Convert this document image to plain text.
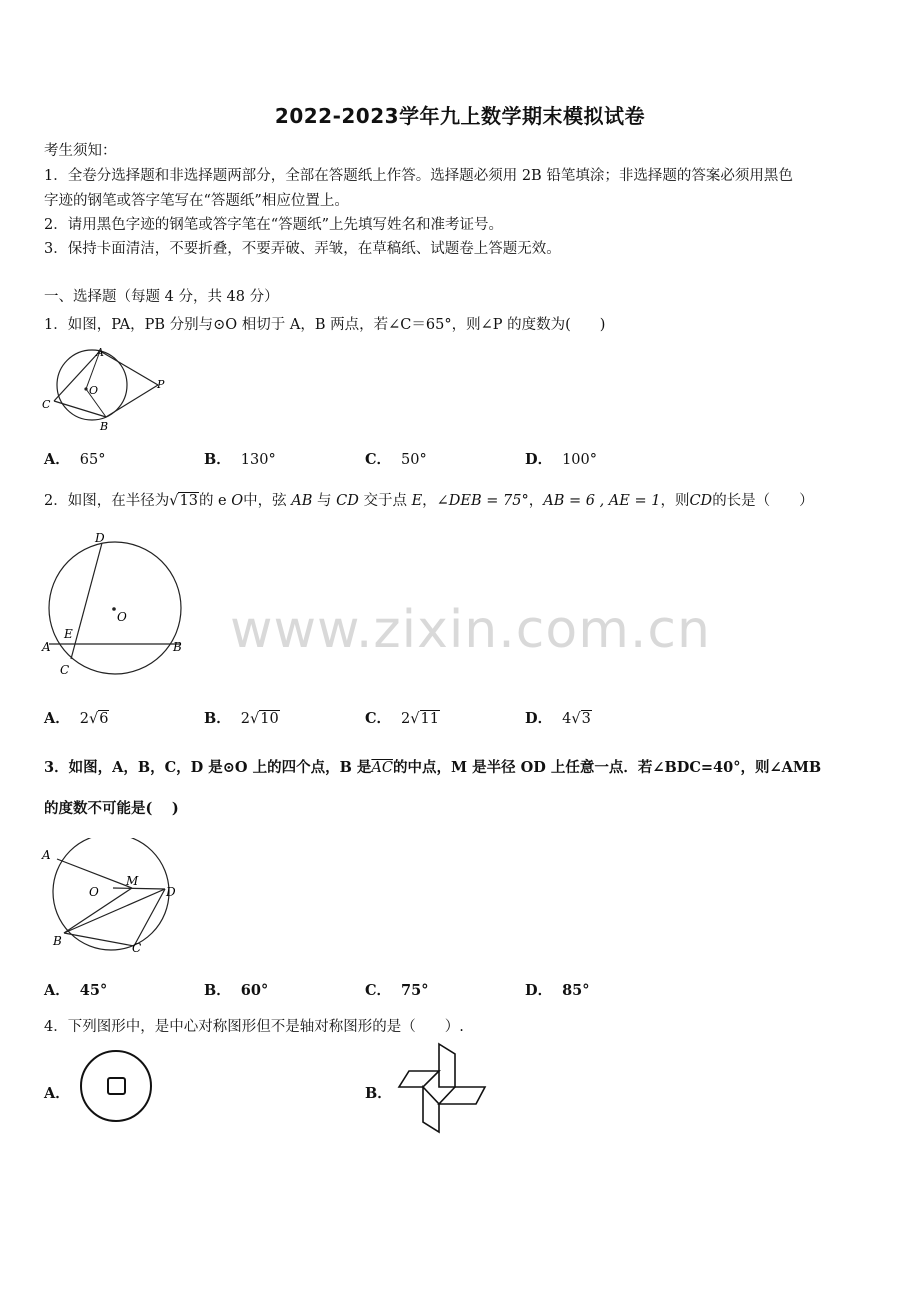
2022-2023学年九上数学期末模拟试卷
考生须知：
1．全卷分选择题和非选择题两部分，全部在答题纸上作答。选择题必须用 2B 铅笔填涂；非选择题的答案必须用黑色
字迹的钢笔或答字笔写在“答题纸”相应位置上。
2．请用黑色字迹的钢笔或答字笔在“答题纸”上先填写姓名和准考证号。
3．保持卡面清洁，不要折叠，不要弄破、弄皱，在草稿纸、试题卷上答题无效。
一、选择题（每题 4 分，共 48 分）
1．如图，PA，PB 分别与⊙O 相切于 A，B 两点，若∠C＝65°，则∠P 的度数为(　　)
A
O	P
C
B
A． 65°	B． 130°	C． 50°	D． 100°
2．如图，在半径为√13的 e O中，弦 AB 与 CD 交于点 E，∠DEB = 75°，AB = 6 , AE = 1，则CD的长是（　　）
D
O
A
E
B
C
A． 2√6	B． 2√10	C． 2√11	D． 4√3
3．如图，A，B，C，D 是⊙O 上的四个点，B 是$\overline{AC}$的中点，M 是半径 OD 上任意一点．若∠BDC=40°，则∠AMB
的度数不可能是(　 )
A
O
M
D
B	C
A． 45°	B． 60°	C． 75°	D． 85°
4．下列图形中，是中心对称图形但不是轴对称图形的是（　　）.
A．	B．
www.zixin.com.cn
